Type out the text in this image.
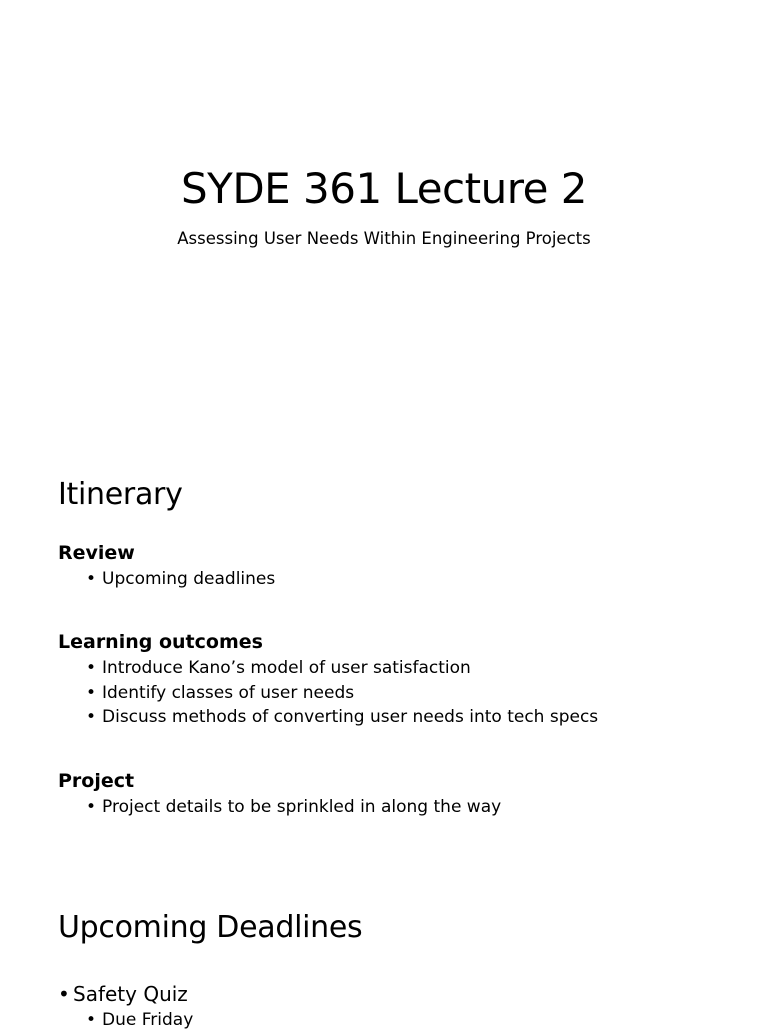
SYDE 361 Lecture 2

Assessing User Needs Within Engineering Projects

Itinerary
Review
• Upcoming deadlines
Learning outcomes
• Introduce Kano’s model of user satisfaction
• Identify classes of user needs
• Discuss methods of converting user needs into tech specs
Project
• Project details to be sprinkled in along the way
Upcoming Deadlines
• Safety Quiz
• Due Friday
